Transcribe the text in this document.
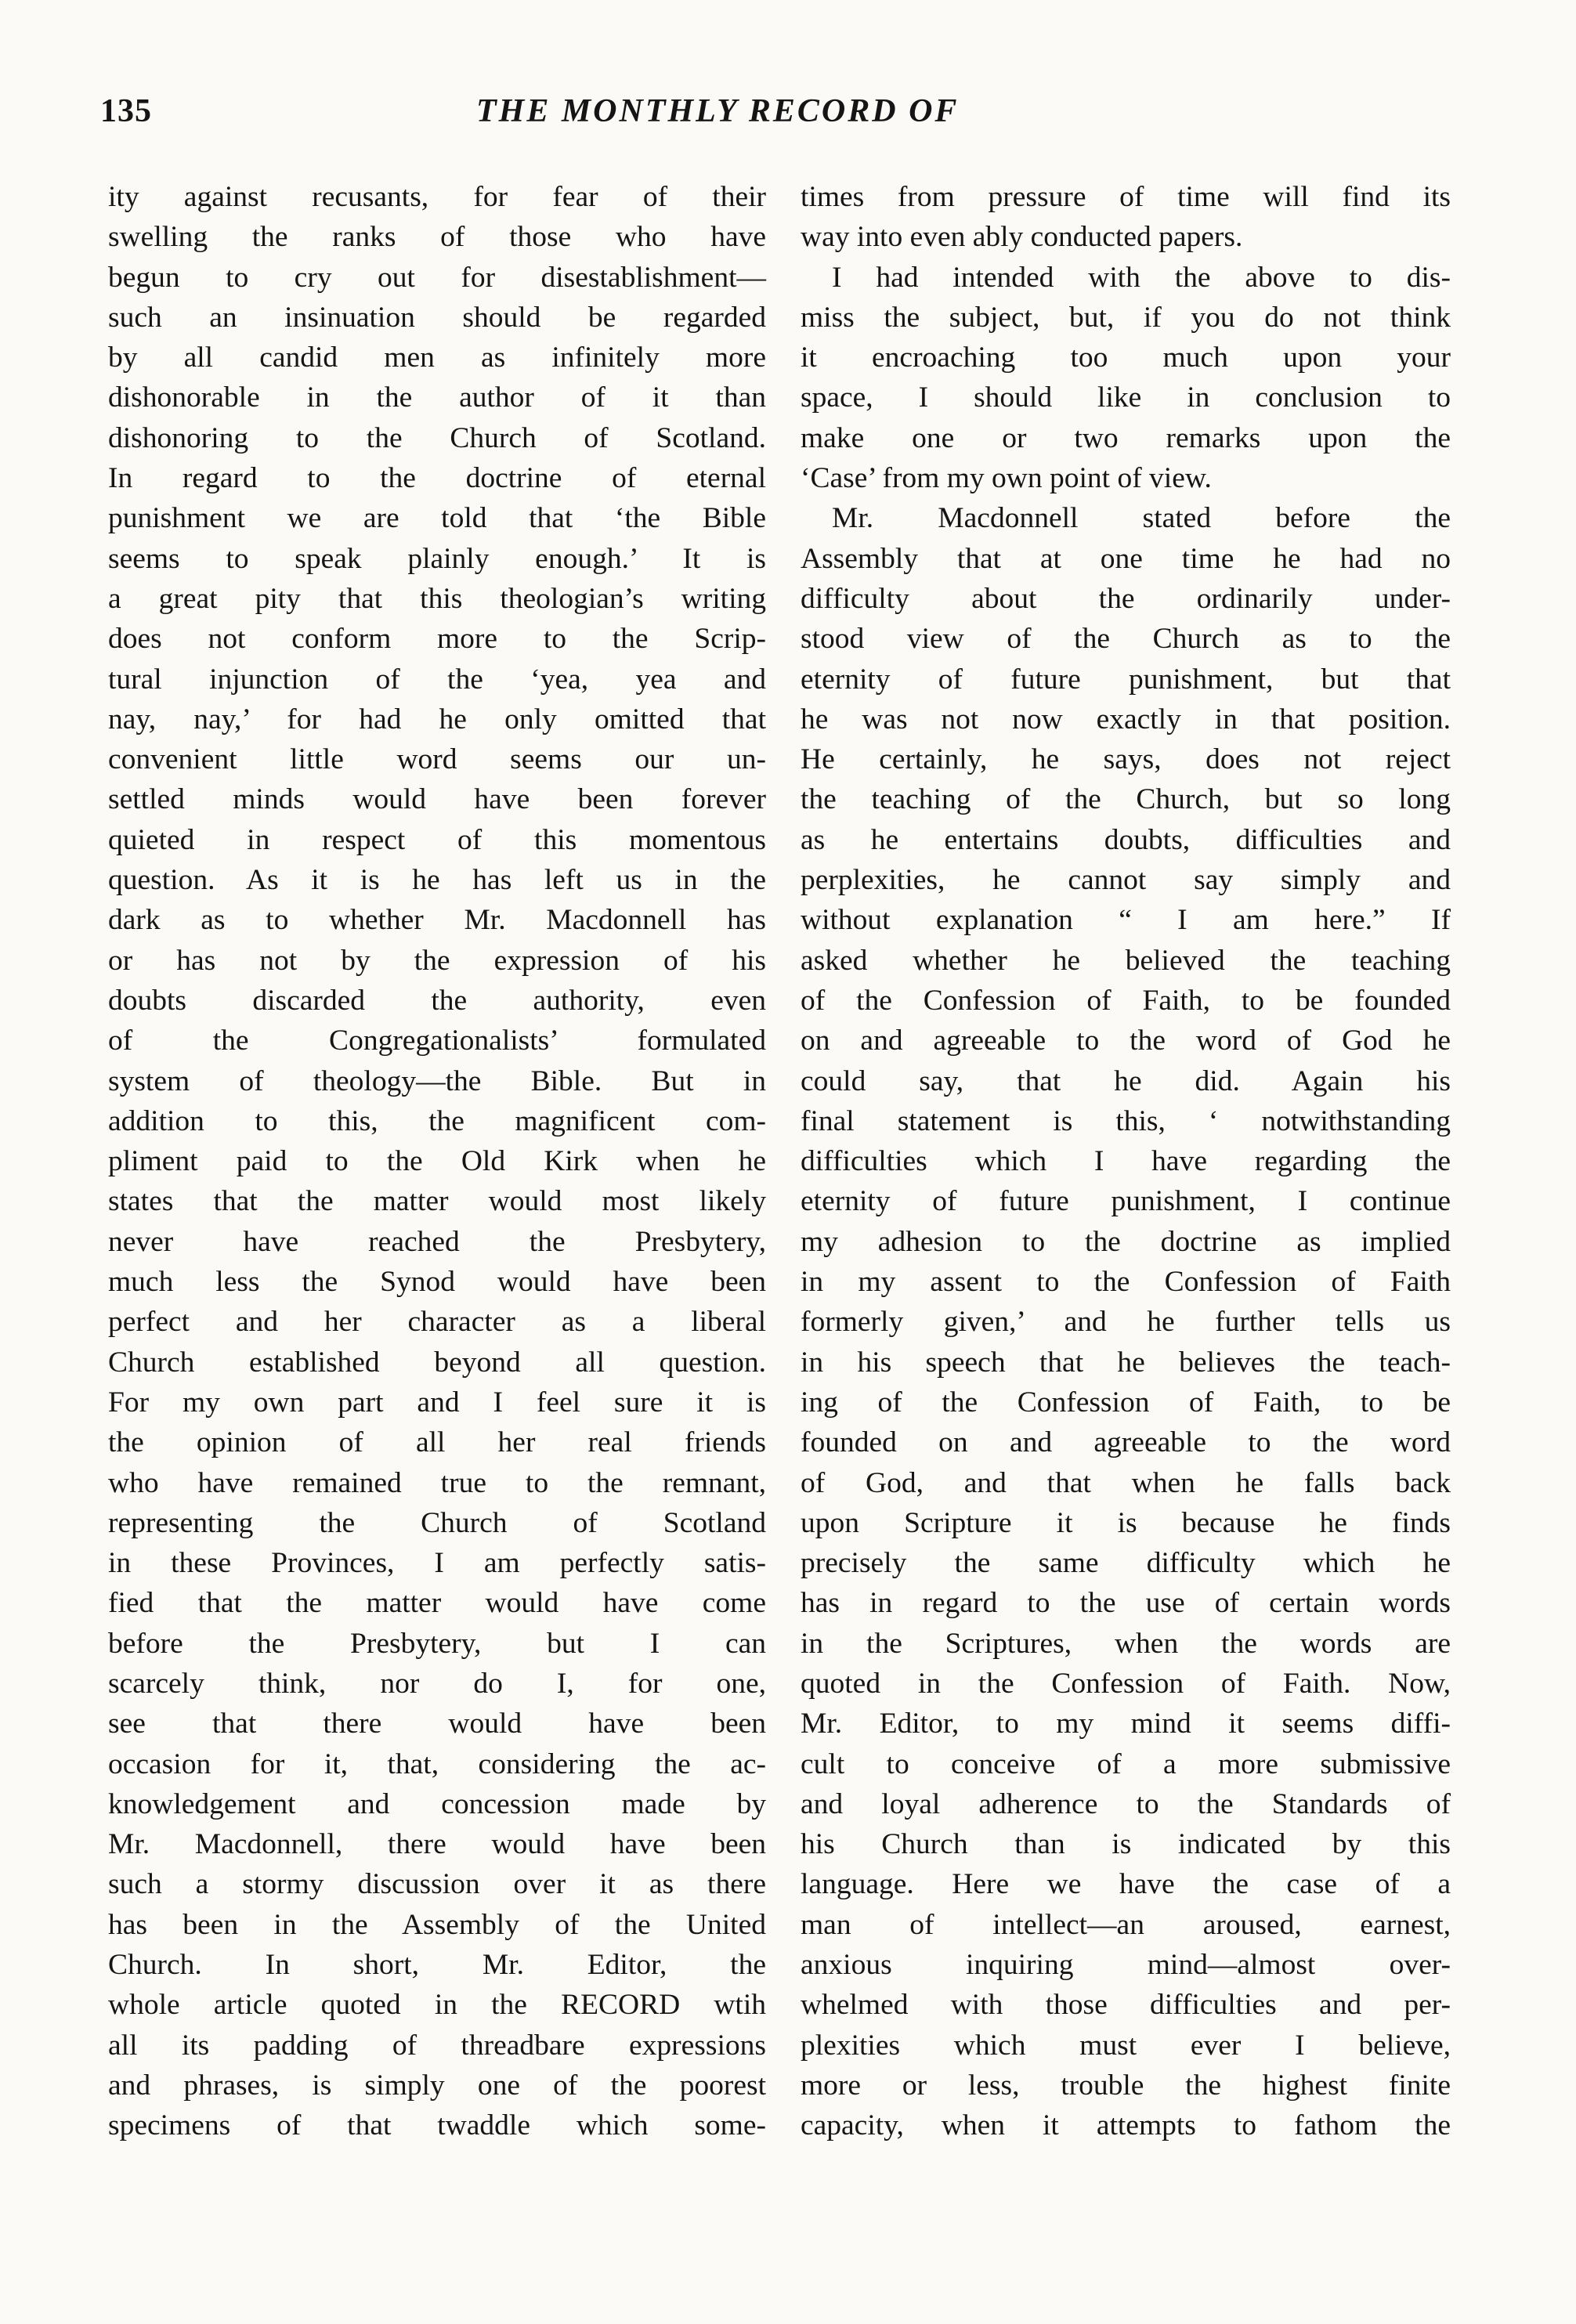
135	THE MONTHLY RECORD OF
ity against recusants, for fear of their
swelling the ranks of those who have
begun to cry out for disestablishment—
such an insinuation should be regarded
by all candid men as infinitely more
dishonorable in the author of it than
dishonoring to the Church of Scotland.
In regard to the doctrine of eternal
punishment we are told that ‘the Bible
seems to speak plainly enough.’ It is
a great pity that this theologian’s writing
does not conform more to the Scrip-
tural injunction of the ‘yea, yea and
nay, nay,’ for had he only omitted that
convenient little word seems our un-
settled minds would have been forever
quieted in respect of this momentous
question. As it is he has left us in the
dark as to whether Mr. Macdonnell has
or has not by the expression of his
doubts discarded the authority, even
of the Congregationalists’ formulated
system of theology—the Bible. But in
addition to this, the magnificent com-
pliment paid to the Old Kirk when he
states that the matter would most likely
never have reached the Presbytery,
much less the Synod would have been
perfect and her character as a liberal
Church established beyond all question.
For my own part and I feel sure it is
the opinion of all her real friends
who have remained true to the remnant,
representing the Church of Scotland
in these Provinces, I am perfectly satis-
fied that the matter would have come
before the Presbytery, but I can
scarcely think, nor do I, for one,
see that there would have been
occasion for it, that, considering the ac-
knowledgement and concession made by
Mr. Macdonnell, there would have been
such a stormy discussion over it as there
has been in the Assembly of the United
Church. In short, Mr. Editor, the
whole article quoted in the RECORD wtih
all its padding of threadbare expressions
and phrases, is simply one of the poorest
specimens of that twaddle which some-
times from pressure of time will find its
way into even ably conducted papers.
I had intended with the above to dis-
miss the subject, but, if you do not think
it encroaching too much upon your
space, I should like in conclusion to
make one or two remarks upon the
‘Case’ from my own point of view.
Mr. Macdonnell stated before the
Assembly that at one time he had no
difficulty about the ordinarily under-
stood view of the Church as to the
eternity of future punishment, but that
he was not now exactly in that position.
He certainly, he says, does not reject
the teaching of the Church, but so long
as he entertains doubts, difficulties and
perplexities, he cannot say simply and
without explanation “ I am here.” If
asked whether he believed the teaching
of the Confession of Faith, to be founded
on and agreeable to the word of God he
could say, that he did. Again his
final statement is this, ‘ notwithstanding
difficulties which I have regarding the
eternity of future punishment, I continue
my adhesion to the doctrine as implied
in my assent to the Confession of Faith
formerly given,’ and he further tells us
in his speech that he believes the teach-
ing of the Confession of Faith, to be
founded on and agreeable to the word
of God, and that when he falls back
upon Scripture it is because he finds
precisely the same difficulty which he
has in regard to the use of certain words
in the Scriptures, when the words are
quoted in the Confession of Faith. Now,
Mr. Editor, to my mind it seems diffi-
cult to conceive of a more submissive
and loyal adherence to the Standards of
his Church than is indicated by this
language. Here we have the case of a
man of intellect—an aroused, earnest,
anxious inquiring mind—almost over-
whelmed with those difficulties and per-
plexities which must ever I believe,
more or less, trouble the highest finite
capacity, when it attempts to fathom the
